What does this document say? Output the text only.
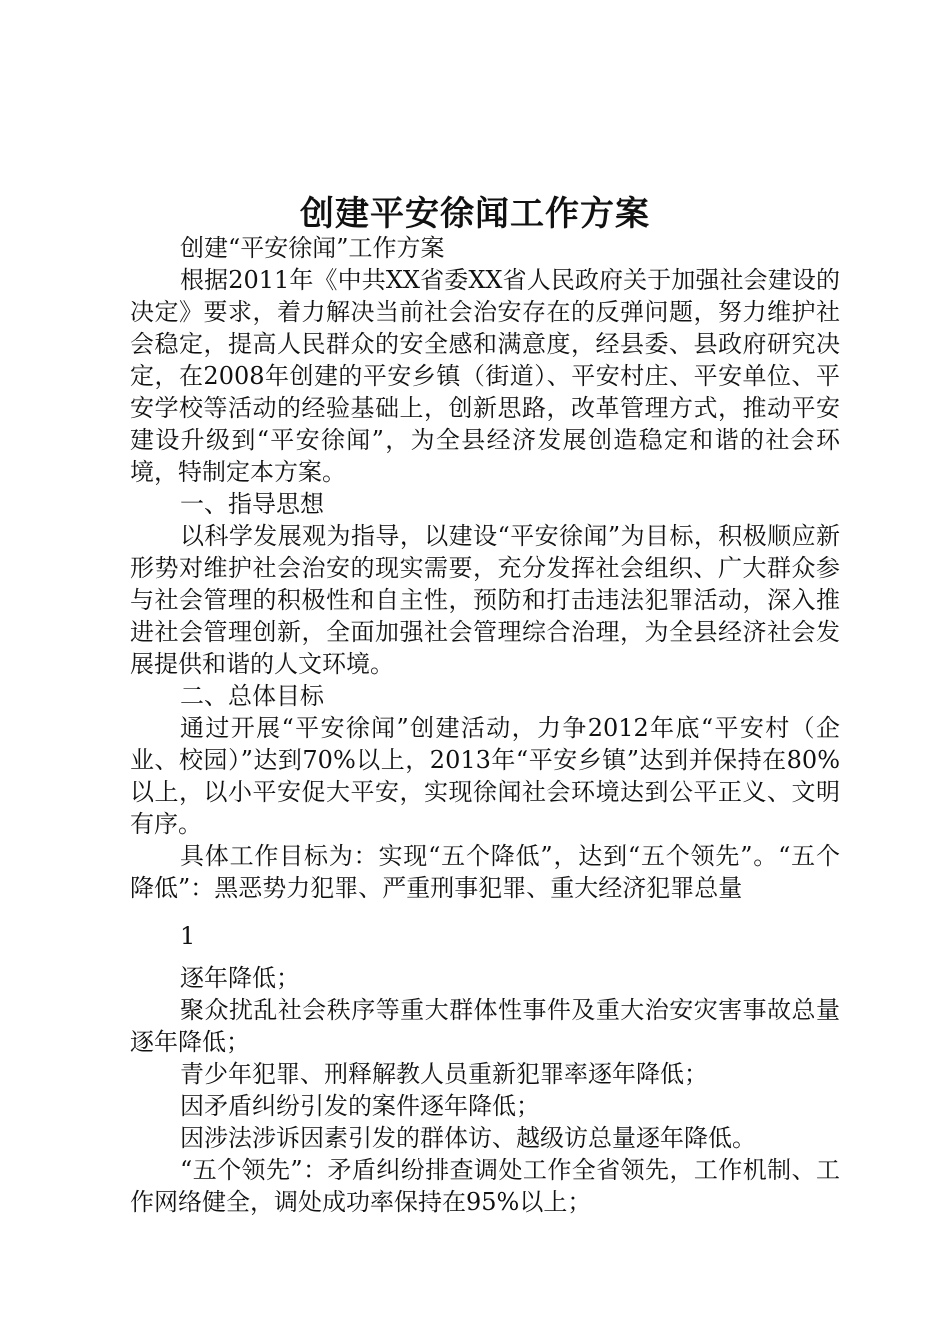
创建平安徐闻工作方案

创建“平安徐闻”工作方案

根据2011年《中共XX省委XX省人民政府关于加强社会建设的决定》要求，着力解决当前社会治安存在的反弹问题，努力维护社会稳定，提高人民群众的安全感和满意度，经县委、县政府研究决定，在2008年创建的平安乡镇（街道）、平安村庄、平安单位、平安学校等活动的经验基础上，创新思路，改革管理方式，推动平安建设升级到“平安徐闻”，为全县经济发展创造稳定和谐的社会环境，特制定本方案。

一、指导思想

以科学发展观为指导，以建设“平安徐闻”为目标，积极顺应新形势对维护社会治安的现实需要，充分发挥社会组织、广大群众参与社会管理的积极性和自主性，预防和打击违法犯罪活动，深入推进社会管理创新，全面加强社会管理综合治理，为全县经济社会发展提供和谐的人文环境。

二、总体目标

通过开展“平安徐闻”创建活动，力争2012年底“平安村（企业、校园）”达到70%以上，2013年“平安乡镇”达到并保持在80%以上，以小平安促大平安，实现徐闻社会环境达到公平正义、文明有序。

具体工作目标为：实现“五个降低”，达到“五个领先”。“五个降低”：黑恶势力犯罪、严重刑事犯罪、重大经济犯罪总量

1

逐年降低；

聚众扰乱社会秩序等重大群体性事件及重大治安灾害事故总量逐年降低；

青少年犯罪、刑释解教人员重新犯罪率逐年降低；

因矛盾纠纷引发的案件逐年降低；

因涉法涉诉因素引发的群体访、越级访总量逐年降低。

“五个领先”：矛盾纠纷排查调处工作全省领先，工作机制、工作网络健全，调处成功率保持在95%以上；
